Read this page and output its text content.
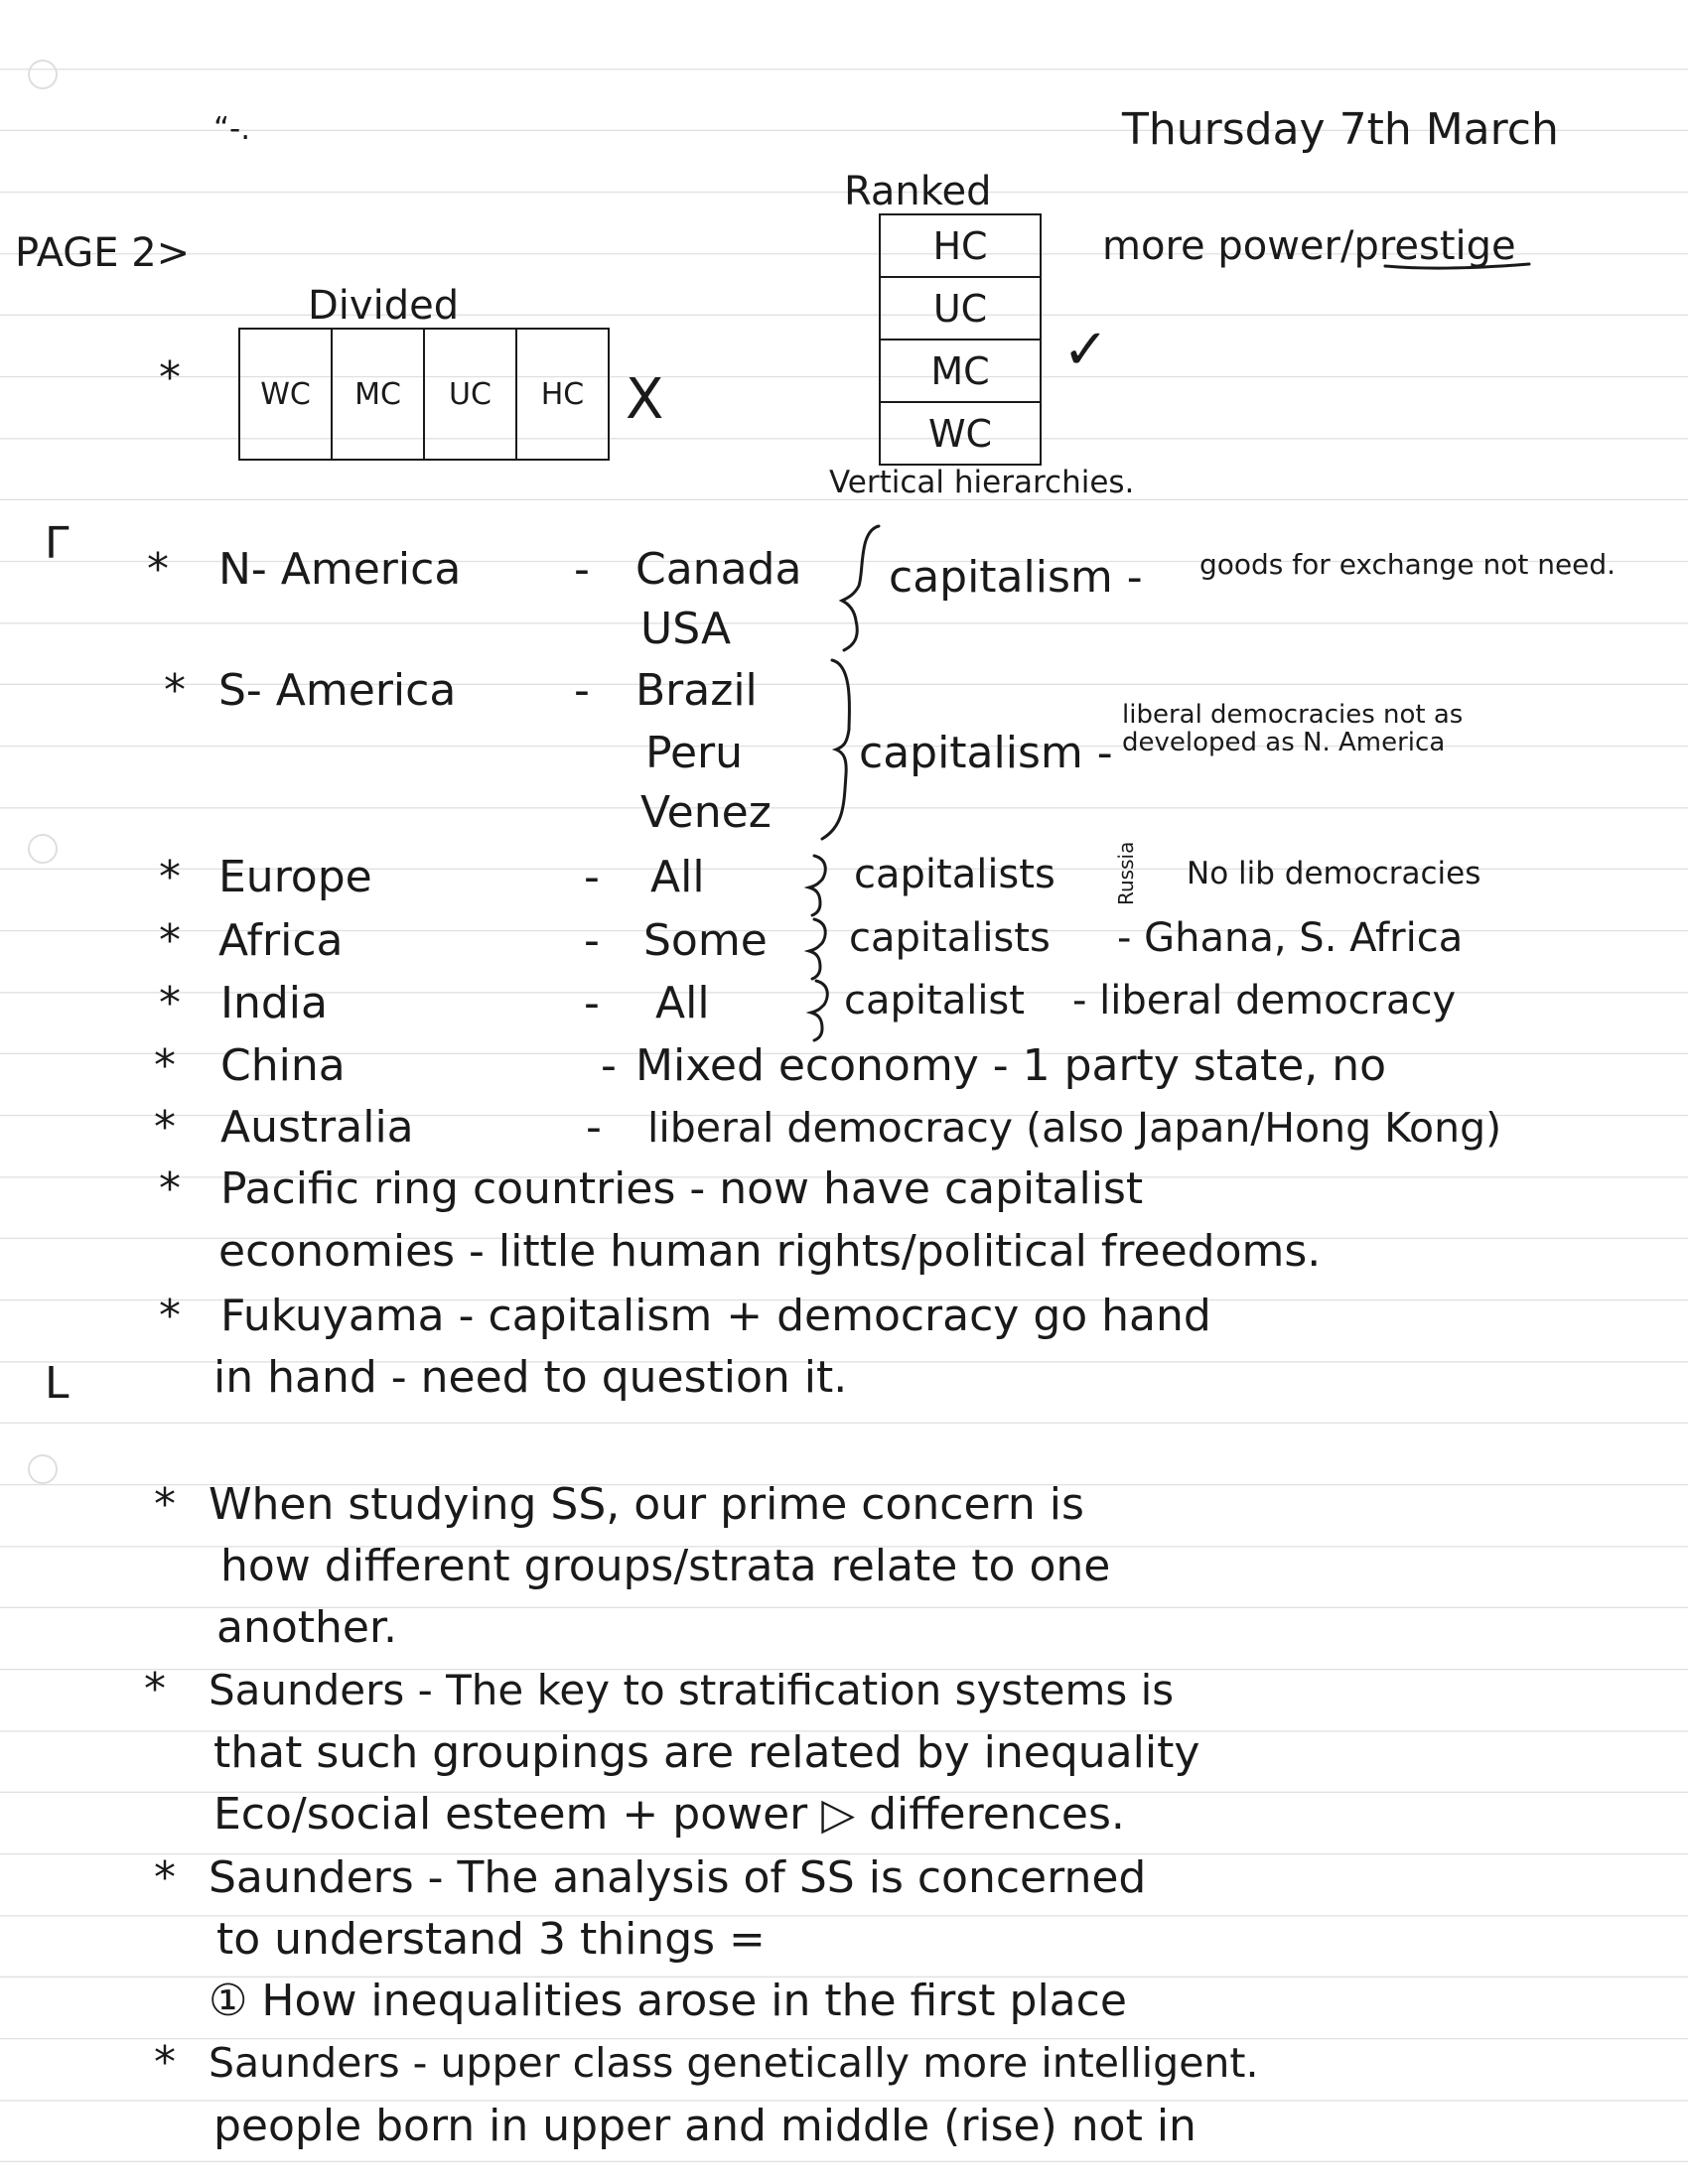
“-.	Thursday 7th March
PAGE 2>
Divided
*	WC	MC	UC	HC X
Ranked
HC
UC
MC
WC
more power/prestige
✓
Vertical hierarchies.
Γ
L
* N- America	- Canada
USA
capitalism - goods for exchange not need.
* S- America	- Brazil
Peru
Venez
capitalism -
liberal democracies not as developed as N. America
* Europe	- All	capitalists	Russia No lib democracies
* Africa	- Some capitalists - Ghana, S. Africa
* India	- All	capitalist - liberal democracy
* China	- Mixed economy - 1 party state, no
* Australia	- liberal democracy (also Japan/Hong Kong)
* Pacific ring countries - now have capitalist
economies - little human rights/political freedoms.
* Fukuyama - capitalism + democracy go hand
in hand - need to question it.
* When studying SS, our prime concern is
how different groups/strata relate to one
another.
* Saunders - The key to stratification systems is
that such groupings are related by inequality
Eco/social esteem + power ▷ differences.
* Saunders - The analysis of SS is concerned
to understand 3 things =
① How inequalities arose in the first place
* Saunders - upper class genetically more intelligent.
people born in upper and middle (rise) not in
